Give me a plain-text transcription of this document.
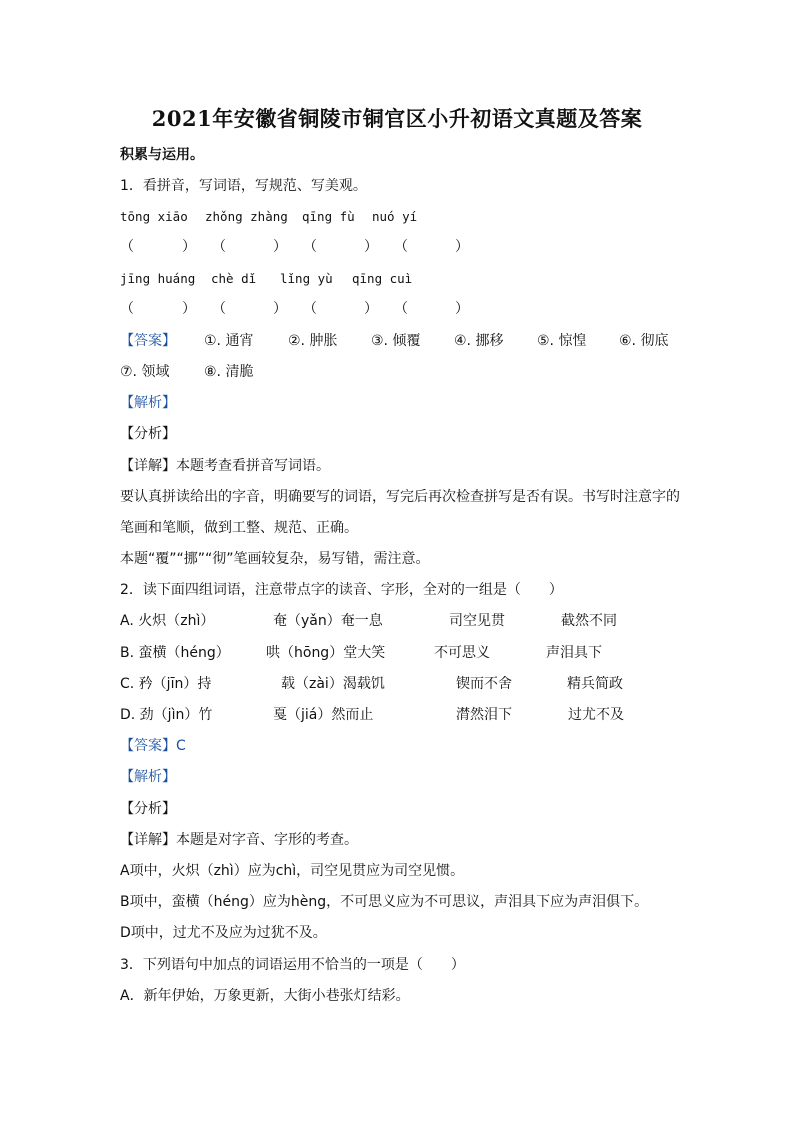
2021年安徽省铜陵市铜官区小升初语文真题及答案
积累与运用。
1．看拼音，写词语，写规范、写美观。
tōng xiāo zhǒng zhàng qīng fù nuó yí
（	） （	） （	） （	）
jīng huáng chè dǐ lǐng yù qīng cuì
（	） （	） （	） （	）
【答案】 ①. 通宵 ②. 肿胀 ③. 倾覆 ④. 挪移 ⑤. 惊惶 ⑥. 彻底
⑦. 领域 ⑧. 清脆
【解析】
【分析】
【详解】本题考查看拼音写词语。
要认真拼读给出的字音，明确要写的词语，写完后再次检查拼写是否有误。书写时注意字的
笔画和笔顺，做到工整、规范、正确。
本题“覆”“挪”“彻”笔画较复杂，易写错，需注意。
2．读下面四组词语，注意带点字的读音、字形，全对的一组是（　　）
A. 火炽（zhì）	奄（yǎn）奄一息	司空见贯	截然不同
B. 蛮横（héng）	哄（hōng）堂大笑	不可思义	声泪具下
C. 矜（jīn）持	载（zài）渴载饥	锲而不舍	精兵简政
D. 劲（jìn）竹	戛（jiá）然而止	潸然泪下	过尤不及
【答案】C
【解析】
【分析】
【详解】本题是对字音、字形的考查。
A项中，火炽（zhì）应为chì，司空见贯应为司空见惯。
B项中，蛮横（héng）应为hèng，不可思义应为不可思议，声泪具下应为声泪俱下。
D项中，过尤不及应为过犹不及。
3．下列语句中加点的词语运用不恰当的一项是（　　）
A．新年伊始，万象更新，大街小巷张灯结彩。
